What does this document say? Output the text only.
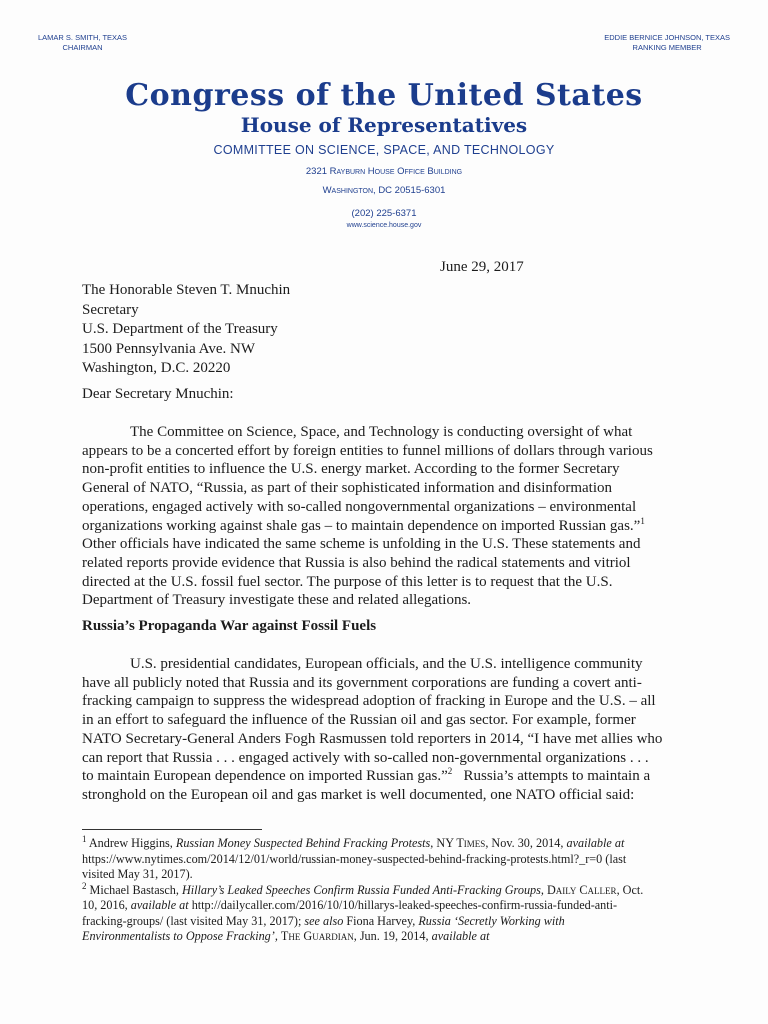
LAMAR S. SMITH, TEXAS
CHAIRMAN
EDDIE BERNICE JOHNSON, TEXAS
RANKING MEMBER
Congress of the United States
House of Representatives
COMMITTEE ON SCIENCE, SPACE, AND TECHNOLOGY
2321 Rayburn House Office Building
Washington, DC 20515-6301
(202) 225-6371
www.science.house.gov
June 29, 2017
The Honorable Steven T. Mnuchin
Secretary
U.S. Department of the Treasury
1500 Pennsylvania Ave. NW
Washington, D.C. 20220
Dear Secretary Mnuchin:
The Committee on Science, Space, and Technology is conducting oversight of what
appears to be a concerted effort by foreign entities to funnel millions of dollars through various
non-profit entities to influence the U.S. energy market. According to the former Secretary
General of NATO, “Russia, as part of their sophisticated information and disinformation
operations, engaged actively with so-called nongovernmental organizations – environmental
organizations working against shale gas – to maintain dependence on imported Russian gas.”$^1$
Other officials have indicated the same scheme is unfolding in the U.S. These statements and
related reports provide evidence that Russia is also behind the radical statements and vitriol
directed at the U.S. fossil fuel sector. The purpose of this letter is to request that the U.S.
Department of Treasury investigate these and related allegations.
Russia’s Propaganda War against Fossil Fuels
U.S. presidential candidates, European officials, and the U.S. intelligence community
have all publicly noted that Russia and its government corporations are funding a covert anti-
fracking campaign to suppress the widespread adoption of fracking in Europe and the U.S. – all
in an effort to safeguard the influence of the Russian oil and gas sector. For example, former
NATO Secretary-General Anders Fogh Rasmussen told reporters in 2014, “I have met allies who
can report that Russia . . . engaged actively with so-called non-governmental organizations . . .
to maintain European dependence on imported Russian gas.”$^2$ Russia’s attempts to maintain a
stronghold on the European oil and gas market is well documented, one NATO official said:
$^1$ Andrew Higgins, Russian Money Suspected Behind Fracking Protests, NY Times, Nov. 30, 2014, available at
https://www.nytimes.com/2014/12/01/world/russian-money-suspected-behind-fracking-protests.html?_r=0 (last
visited May 31, 2017).
$^2$ Michael Bastasch, Hillary’s Leaked Speeches Confirm Russia Funded Anti-Fracking Groups, Daily Caller, Oct.
10, 2016, available at http://dailycaller.com/2016/10/10/hillarys-leaked-speeches-confirm-russia-funded-anti-
fracking-groups/ (last visited May 31, 2017); see also Fiona Harvey, Russia ‘Secretly Working with
Environmentalists to Oppose Fracking’, The Guardian, Jun. 19, 2014, available at
